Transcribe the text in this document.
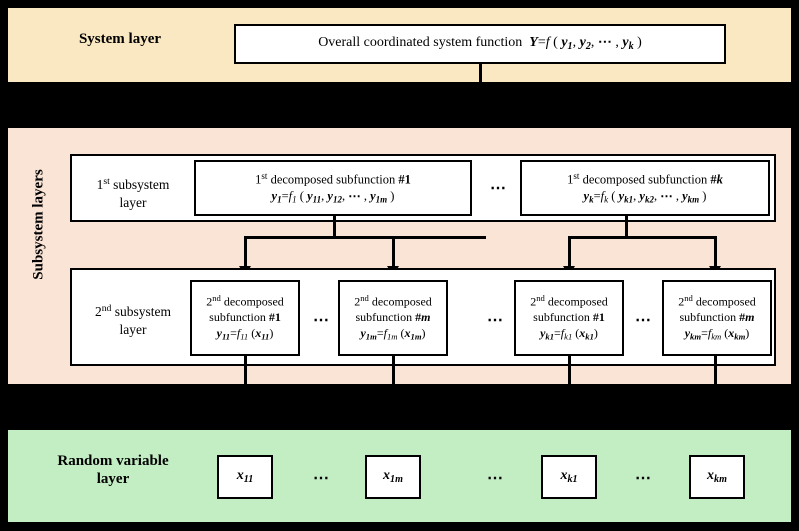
System layer	Overall coordinated system function  Y=f ( $y_1$, $y_2$, ⋯ , $y_k$ )
Subsystem layers	1st subsystem
layer
1st decomposed subfunction #1
$y_1=f_1$ ( $y_{11}$, $y_{12}$, ⋯ , $y_{1m}$ )	⋯
1st decomposed subfunction #k
$y_k=f_k$ ( $y_{k1}$, $y_{k2}$, ⋯ , $y_{km}$ )
2nd subsystem
layer
2nd decomposed
subfunction #1
$y_{11}=f_{11}$ $(x_{11})$
⋯
2nd decomposed
subfunction #m
$y_{1m}=f_{1m}$ $(x_{1m})$
⋯
2nd decomposed
subfunction #1
$y_{k1}=f_{k1}$ $(x_{k1})$
⋯
2nd decomposed
subfunction #m
$y_{km}=f_{km}$ $(x_{km})$
Random variable
layer	$x_{11}$	⋯	$x_{1m}$	⋯	$x_{k1}$	⋯	$x_{km}$
